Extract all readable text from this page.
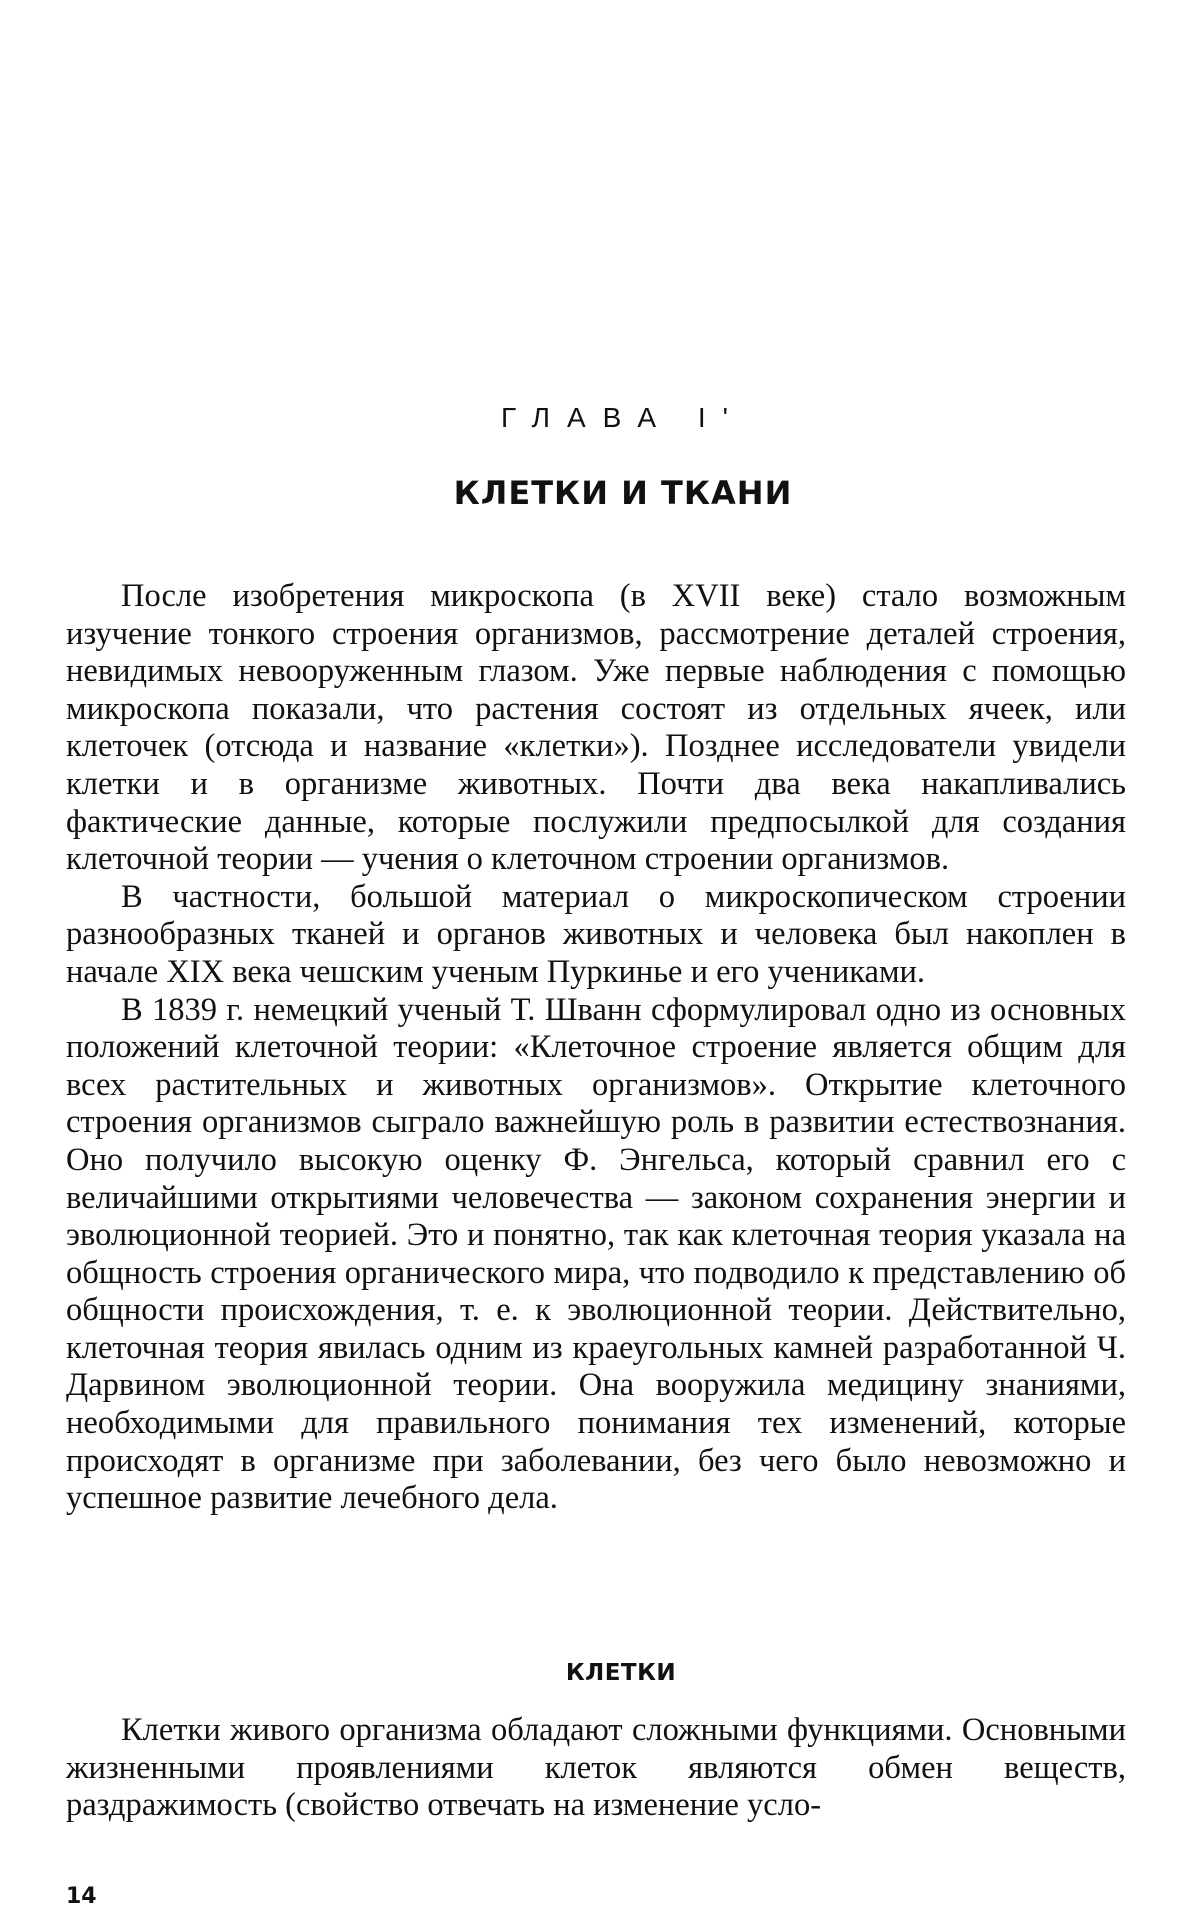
ГЛАВА I'
КЛЕТКИ И ТКАНИ

После изобретения микроскопа (в XVII веке) стало возможным изучение тонкого строения организмов, рассмотрение деталей строения, невидимых невооруженным глазом. Уже первые наблюдения с помощью микроскопа показали, что растения состоят из отдельных ячеек, или клеточек (отсюда и название «клетки»). Позднее исследователи увидели клетки и в организме животных. Почти два века накапливались фактические данные, которые послужили предпосылкой для создания клеточной теории — учения о клеточном строении организмов.

В частности, большой материал о микроскопическом строении разнообразных тканей и органов животных и человека был накоплен в начале XIX века чешским ученым Пуркинье и его учениками.

В 1839 г. немецкий ученый Т. Шванн сформулировал одно из основных положений клеточной теории: «Клеточное строение является общим для всех растительных и животных организмов». Открытие клеточного строения организмов сыграло важнейшую роль в развитии естествознания. Оно получило высокую оценку Ф. Энгельса, который сравнил его с величайшими открытиями человечества — законом сохранения энергии и эволюционной теорией. Это и понятно, так как клеточная теория указала на общность строения органического мира, что подводило к представлению об общности происхождения, т. е. к эволюционной теории. Действительно, клеточная теория явилась одним из краеугольных камней разработанной Ч. Дарвином эволюционной теории. Она вооружила медицину знаниями, необходимыми для правильного понимания тех изменений, которые происходят в организме при заболевании, без чего было невозможно и успешное развитие лечебного дела.

КЛЕТКИ

Клетки живого организма обладают сложными функциями. Основными жизненными проявлениями клеток являются обмен веществ, раздражимость (свойство отвечать на изменение усло-

14
